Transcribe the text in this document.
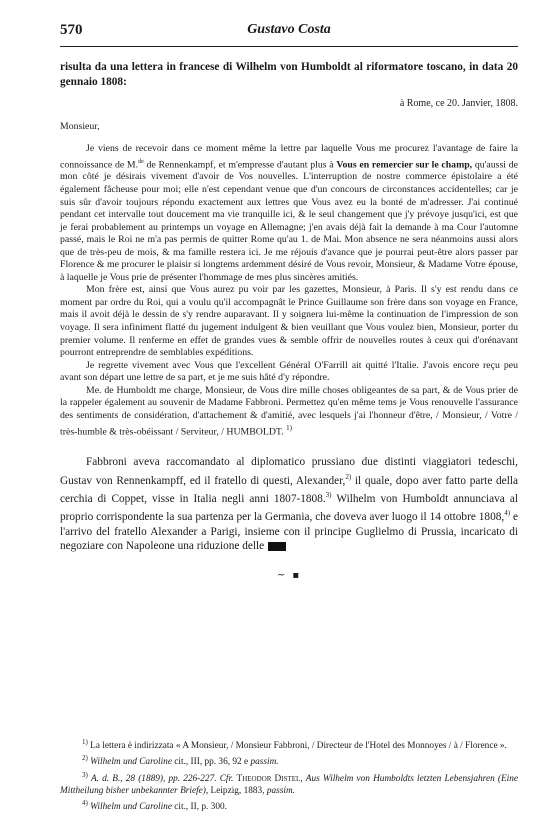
570	Gustavo Costa

risulta da una lettera in francese di Wilhelm von Humboldt al riformatore toscano, in data 20 gennaio 1808:

à Rome, ce 20. Janvier, 1808.

Monsieur,

Je viens de recevoir dans ce moment même la lettre par laquelle Vous me procurez l'avantage de faire la connoissance de M.$^{de}$ de Rennenkampf, et m'empresse d'autant plus à Vous en remercier sur le champ, qu'aussi de mon côté je désirais vivement d'avoir de Vos nouvelles. L'interruption de nostre commerce épistolaire a été également fâcheuse pour moi; elle n'est cependant venue que d'un concours de circonstances accidentelles; car je suis sûr d'avoir toujours répondu exactement aux lettres que Vous avez eu la bonté de m'adresser. J'ai continué pendant cet intervalle tout doucement ma vie tranquille ici, & le seul changement que j'y prévoye jusqu'ici, est que je ferai probablement au printemps un voyage en Allemagne; j'en avais déjà fait la demande à ma Cour l'automne passé, mais le Roi ne m'a pas permis de quitter Rome qu'au 1. de Mai. Mon absence ne sera néanmoins aussi alors que de très-peu de mois, & ma famille restera ici. Je me réjouis d'avance que je pourrai peut-être alors passer par Florence & me procurer le plaisir si longtems ardemment désiré de Vous revoir, Monsieur, & Madame Votre épouse, à laquelle je Vous prie de présenter l'hommage de mes plus sincères amitiés.

Mon frère est, ainsi que Vous aurez pu voir par les gazettes, Monsieur, à Paris. Il s'y est rendu dans ce moment par ordre du Roi, qui a voulu qu'il accompagnât le Prince Guillaume son frère dans son voyage en France, mais il avoit déjà le dessin de s'y rendre auparavant. Il y soignera lui-même la continuation de l'impression de son voyage. Il sera infiniment flatté du jugement indulgent & bien veuillant que Vous voulez bien, Monsieur, porter du premier volume. Il renferme en effet de grandes vues & semble offrir de nouvelles routes à ceux qui d'orénavant pourront entreprendre de semblables expéditions.

Je regrette vivement avec Vous que l'excellent Général O'Farrill ait quitté l'Italie. J'avois encore reçu peu avant son départ une lettre de sa part, et je me suis hâté d'y répondre.

Me. de Humboldt me charge, Monsieur, de Vous dire mille choses obligeantes de sa part, & de Vous prier de la rappeler également au souvenir de Madame Fabbroni. Permettez qu'en même tems je Vous renouvelle l'assurance des sentiments de considération, d'attachement & d'amitié, avec lesquels j'ai l'honneur d'être, / Monsieur, / Votre / très-humble & très-obéissant / Serviteur, / HUMBOLDT. $^{1)}$

Fabbroni aveva raccomandato al diplomatico prussiano due distinti viaggiatori tedeschi, Gustav von Rennenkampff, ed il fratello di questi, Alexander,$^{2)}$ il quale, dopo aver fatto parte della cerchia di Coppet, visse in Italia negli anni 1807-1808.$^{3)}$ Wilhelm von Humboldt annunciava al proprio corrispondente la sua partenza per la Germania, che doveva aver luogo il 14 ottobre 1808,$^{4)}$ e l'arrivo del fratello Alexander a Parigi, insieme con il principe Guglielmo di Prussia, incaricato di negoziare con Napoleone una riduzione delle

~ ▪

$^{1)}$ La lettera è indirizzata « A Monsieur, / Monsieur Fabbroni, / Directeur de l'Hotel des Monnoyes / à / Florence ».

$^{2)}$ Wilhelm und Caroline cit., III, pp. 36, 92 e passim.

$^{3)}$ A. d. B., 28 (1889), pp. 226-227. Cfr. Theodor Distel, Aus Wilhelm von Humboldts letzten Lebensjahren (Eine Mittheilung bisher unbekannter Briefe), Leipzig, 1883, passim.

$^{4)}$ Wilhelm und Caroline cit., II, p. 300.
